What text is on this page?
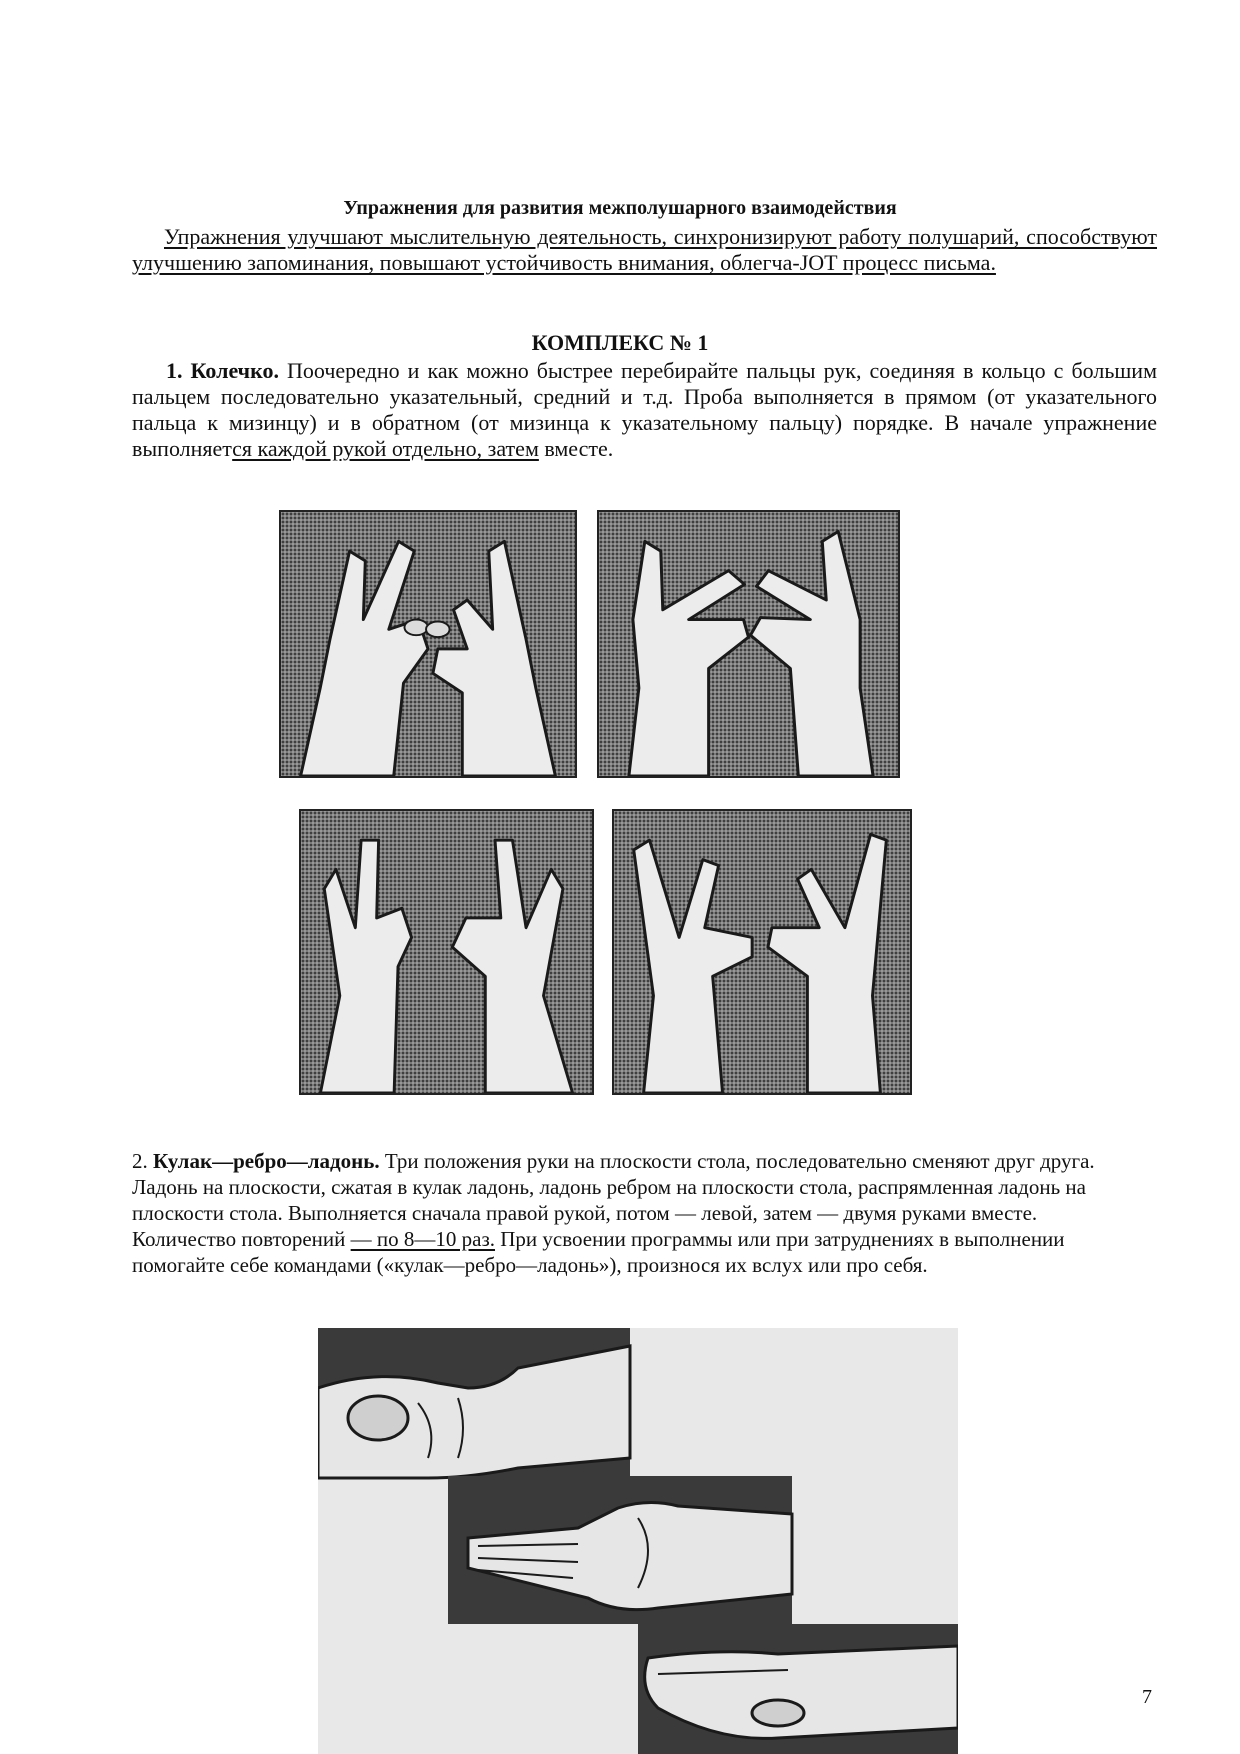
Упражнения для развития межполушарного взаимодействия

Упражнения улучшают мыслительную деятельность, синхронизируют работу полушарий, способствуют улучшению запоминания, повышают устойчивость внимания, облегча-JOT процесс письма.

КОМПЛЕКС № 1

1. Колечко. Поочередно и как можно быстрее перебирайте пальцы рук, соединяя в кольцо с большим пальцем последовательно указательный, средний и т.д. Проба выполняется в прямом (от указательного пальца к мизинцу) и в обратном (от мизинца к указательному пальцу) порядке. В начале упражнение выполняется каждой рукой отдельно, затем вместе.

2. Кулак—ребро—ладонь. Три положения руки на плоскости стола, последовательно сменяют друг друга. Ладонь на плоскости, сжатая в кулак ладонь, ладонь ребром на плоскости стола, распрямленная ладонь на плоскости стола. Выполняется сначала правой рукой, потом — левой, затем — двумя руками вместе. Количество повторений — по 8—10 раз. При усвоении программы или при затруднениях в выполнении помогайте себе командами («кулак—ребро—ладонь»), произнося их вслух или про себя.

7
